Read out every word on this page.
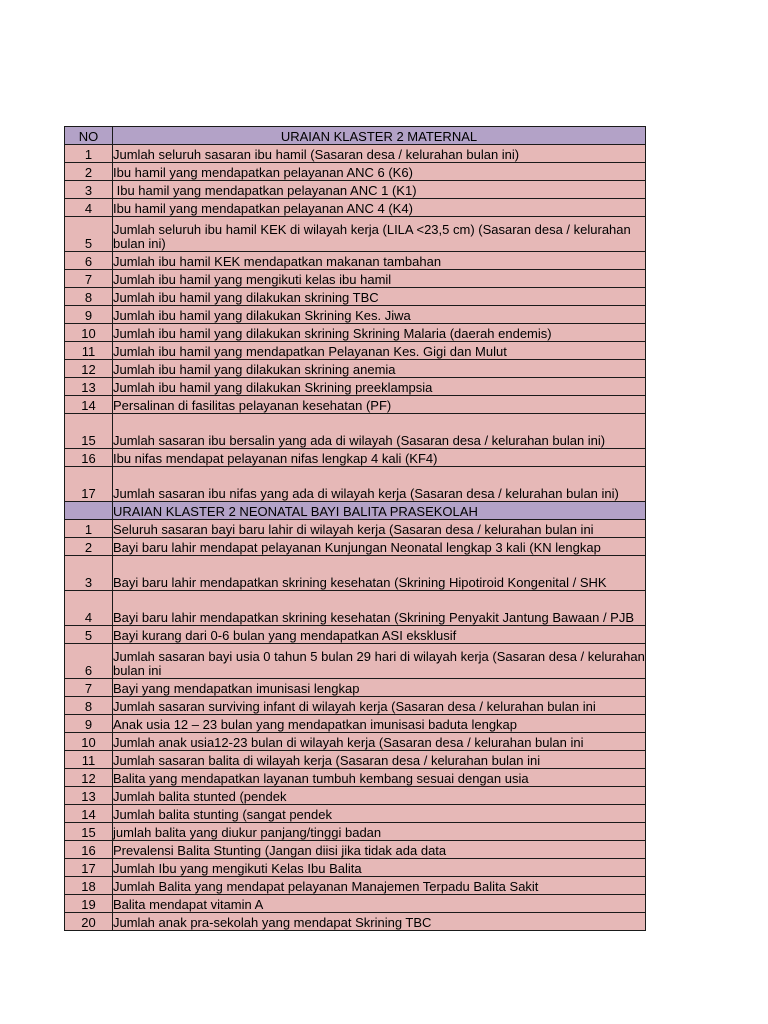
NO	URAIAN KLASTER 2 MATERNAL
1	Jumlah seluruh sasaran ibu hamil (Sasaran desa / kelurahan bulan ini)

2	Ibu hamil yang mendapatkan pelayanan ANC 6 (K6)

3	Ibu hamil yang mendapatkan pelayanan ANC 1 (K1)

4	Ibu hamil yang mendapatkan pelayanan ANC 4 (K4)

5	Jumlah seluruh ibu hamil KEK di wilayah kerja (LILA <23,5 cm) (Sasaran desa / kelurahan bulan ini)

6	Jumlah ibu hamil KEK mendapatkan makanan tambahan

7	Jumlah ibu hamil yang mengikuti kelas ibu hamil

8	Jumlah ibu hamil yang dilakukan skrining TBC

9	Jumlah ibu hamil yang dilakukan Skrining Kes. Jiwa

10	Jumlah ibu hamil yang dilakukan skrining Skrining Malaria (daerah endemis)

11	Jumlah ibu hamil yang mendapatkan Pelayanan Kes. Gigi dan Mulut

12	Jumlah ibu hamil yang dilakukan skrining anemia

13	Jumlah ibu hamil yang dilakukan Skrining preeklampsia

14	Persalinan di fasilitas pelayanan kesehatan (PF)

15	Jumlah sasaran ibu bersalin yang ada di wilayah (Sasaran desa / kelurahan bulan ini)

16	Ibu nifas mendapat pelayanan nifas lengkap 4 kali (KF4)

17	Jumlah sasaran ibu nifas yang ada di wilayah kerja (Sasaran desa / kelurahan bulan ini)

	URAIAN KLASTER 2 NEONATAL BAYI BALITA PRASEKOLAH
1	Seluruh sasaran bayi baru lahir di wilayah kerja (Sasaran desa / kelurahan bulan ini

2	Bayi baru lahir mendapat pelayanan Kunjungan Neonatal lengkap 3 kali (KN lengkap

3	Bayi baru lahir mendapatkan skrining kesehatan (Skrining Hipotiroid Kongenital / SHK

4	Bayi baru lahir mendapatkan skrining kesehatan (Skrining Penyakit Jantung Bawaan / PJB

5	Bayi kurang dari 0-6 bulan yang mendapatkan ASI eksklusif

6	Jumlah sasaran bayi usia 0 tahun 5 bulan 29 hari di wilayah kerja (Sasaran desa / kelurahan bulan ini

7	Bayi yang mendapatkan imunisasi lengkap

8	Jumlah sasaran surviving infant di wilayah kerja (Sasaran desa / kelurahan bulan ini

9	Anak usia 12 – 23 bulan yang mendapatkan imunisasi baduta lengkap

10	Jumlah anak usia12-23 bulan di wilayah kerja (Sasaran desa / kelurahan bulan ini

11	Jumlah sasaran balita di wilayah kerja (Sasaran desa / kelurahan bulan ini

12	Balita yang mendapatkan layanan tumbuh kembang sesuai dengan usia

13	Jumlah balita stunted (pendek

14	Jumlah balita stunting (sangat pendek

15	jumlah balita yang diukur panjang/tinggi badan

16	Prevalensi Balita Stunting (Jangan diisi jika tidak ada data

17	Jumlah Ibu yang mengikuti Kelas Ibu Balita

18	Jumlah Balita yang mendapat pelayanan Manajemen Terpadu Balita Sakit

19	Balita mendapat vitamin A

20	Jumlah anak pra-sekolah yang mendapat Skrining TBC
